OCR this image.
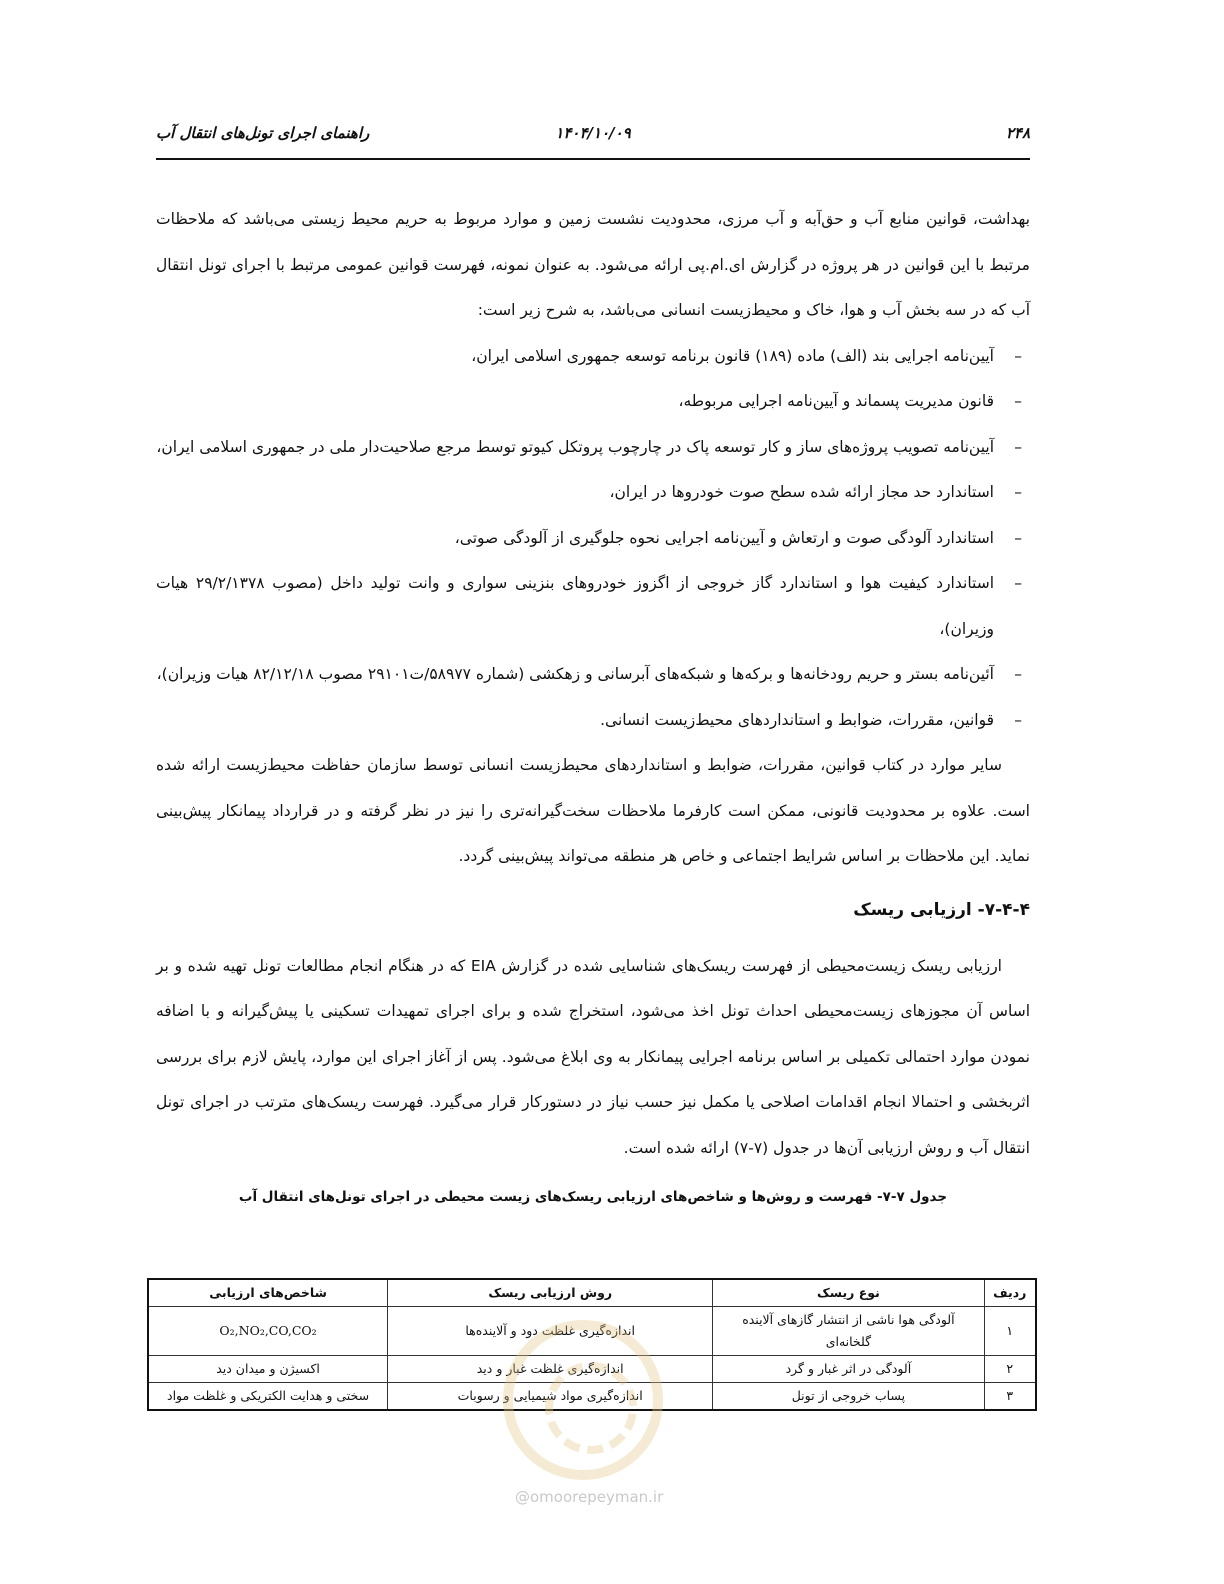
۲۴۸
۱۴۰۴/۱۰/۰۹
راهنمای اجرای تونل‌های انتقال آب

بهداشت، قوانین منابع آب و حق‌آبه و آب مرزی، محدودیت نشست زمین و موارد مربوط به حریم محیط زیستی می‌باشد که ملاحظات مرتبط با این قوانین در هر پروژه در گزارش ای.ام.پی ارائه می‌شود. به عنوان نمونه، فهرست قوانین عمومی مرتبط با اجرای تونل انتقال آب که در سه بخش آب و هوا، خاک و محیط‌زیست انسانی می‌باشد، به شرح زیر است:

– آیین‌نامه اجرایی بند (الف) ماده (۱۸۹) قانون برنامه توسعه جمهوری اسلامی ایران،
– قانون مدیریت پسماند و آیین‌نامه اجرایی مربوطه،
– آیین‌نامه تصویب پروژه‌های ساز و کار توسعه پاک در چارچوب پروتکل کیوتو توسط مرجع صلاحیت‌دار ملی در جمهوری اسلامی ایران،
– استاندارد حد مجاز ارائه شده سطح صوت خودروها در ایران،
– استاندارد آلودگی صوت و ارتعاش و آیین‌نامه اجرایی نحوه جلوگیری از آلودگی صوتی،
– استاندارد کیفیت هوا و استاندارد گاز خروجی از اگزوز خودروهای بنزینی سواری و وانت تولید داخل (مصوب ۲۹/۲/۱۳۷۸ هیات وزیران)،
– آئین‌نامه بستر و حریم رودخانه‌ها و برکه‌ها و شبکه‌های آبرسانی و زهکشی (شماره ۵۸۹۷۷/ت۲۹۱۰۱ مصوب ۸۲/۱۲/۱۸ هیات وزیران)،
– قوانین، مقررات، ضوابط و استانداردهای محیط‌زیست انسانی.

سایر موارد در کتاب قوانین، مقررات، ضوابط و استانداردهای محیط‌زیست انسانی توسط سازمان حفاظت محیط‌زیست ارائه شده است. علاوه بر محدودیت قانونی، ممکن است کارفرما ملاحظات سخت‌گیرانه‌تری را نیز در نظر گرفته و در قرارداد پیمانکار پیش‌بینی نماید. این ملاحظات بر اساس شرایط اجتماعی و خاص هر منطقه می‌تواند پیش‌بینی گردد.

۷-۴-۴- ارزیابی ریسک

ارزیابی ریسک زیست‌محیطی از فهرست ریسک‌های شناسایی شده در گزارش EIA که در هنگام انجام مطالعات تونل تهیه شده و بر اساس آن مجوزهای زیست‌محیطی احداث تونل اخذ می‌شود، استخراج شده و برای اجرای تمهیدات تسکینی یا پیش‌گیرانه و با اضافه نمودن موارد احتمالی تکمیلی بر اساس برنامه اجرایی پیمانکار به وی ابلاغ می‌شود. پس از آغاز اجرای این موارد، پایش لازم برای بررسی اثربخشی و احتمالا انجام اقدامات اصلاحی یا مکمل نیز حسب نیاز در دستورکار قرار می‌گیرد. فهرست ریسک‌های مترتب در اجرای تونل انتقال آب و روش ارزیابی آن‌ها در جدول (۷-۷) ارائه شده است.

جدول ۷-۷- فهرست و روش‌ها و شاخص‌های ارزیابی ریسک‌های زیست محیطی در اجرای تونل‌های انتقال آب
ردیف	نوع ریسک	روش ارزیابی ریسک	شاخص‌های ارزیابی
۱	آلودگی هوا ناشی از انتشار گازهای آلاینده گلخانه‌ای	اندازه‌گیری غلظت دود و آلاینده‌ها	O₂,NO₂,CO,CO₂
۲	آلودگی در اثر غبار و گرد	اندازه‌گیری غلظت غبار و دید	اکسیژن و میدان دید
۳	پساب خروجی از تونل	اندازه‌گیری مواد شیمیایی و رسوبات	سختی و هدایت الکتریکی و غلظت مواد
@omoorepeyman.ir
